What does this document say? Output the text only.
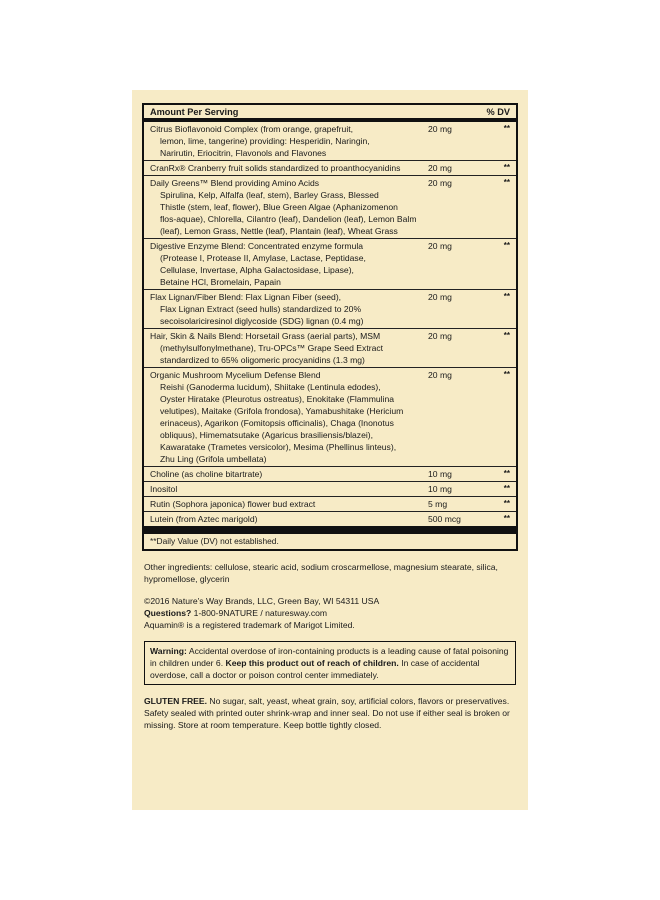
Amount Per Serving	% DV
Citrus Bioflavonoid Complex (from orange, grapefruit,
lemon, lime, tangerine) providing: Hesperidin, Naringin,
Narirutin, Eriocitrin, Flavonols and Flavones
20 mg	**
CranRx® Cranberry fruit solids standardized to proanthocyanidins	20 mg	**
Daily Greens™ Blend providing Amino Acids
Spirulina, Kelp, Alfalfa (leaf, stem), Barley Grass, Blessed
Thistle (stem, leaf, flower), Blue Green Algae (Aphanizomenon
flos-aquae), Chlorella, Cilantro (leaf), Dandelion (leaf), Lemon Balm
(leaf), Lemon Grass, Nettle (leaf), Plantain (leaf), Wheat Grass
20 mg	**
Digestive Enzyme Blend: Concentrated enzyme formula
(Protease I, Protease II, Amylase, Lactase, Peptidase,
Cellulase, Invertase, Alpha Galactosidase, Lipase),
Betaine HCl, Bromelain, Papain
20 mg	**
Flax Lignan/Fiber Blend: Flax Lignan Fiber (seed),
Flax Lignan Extract (seed hulls) standardized to 20%
secoisolariciresinol diglycoside (SDG) lignan (0.4 mg)
20 mg	**
Hair, Skin & Nails Blend: Horsetail Grass (aerial parts), MSM
(methylsulfonylmethane), Tru-OPCs™ Grape Seed Extract
standardized to 65% oligomeric procyanidins (1.3 mg)
20 mg	**
Organic Mushroom Mycelium Defense Blend
Reishi (Ganoderma lucidum), Shiitake (Lentinula edodes),
Oyster Hiratake (Pleurotus ostreatus), Enokitake (Flammulina
velutipes), Maitake (Grifola frondosa), Yamabushitake (Hericium
erinaceus), Agarikon (Fomitopsis officinalis), Chaga (Inonotus
obliquus), Himematsutake (Agaricus brasiliensis/blazei),
Kawaratake (Trametes versicolor), Mesima (Phellinus linteus),
Zhu Ling (Grifola umbellata)
20 mg	**
Choline (as choline bitartrate)	10 mg	**
Inositol	10 mg	**
Rutin (Sophora japonica) flower bud extract	5 mg	**
Lutein (from Aztec marigold)	500 mcg	**
**Daily Value (DV) not established.
Other ingredients: cellulose, stearic acid, sodium croscarmellose, magnesium stearate, silica, hypromellose, glycerin
©2016 Nature's Way Brands, LLC, Green Bay, WI 54311 USA
Questions? 1-800-9NATURE / naturesway.com
Aquamin® is a registered trademark of Marigot Limited.
Warning: Accidental overdose of iron-containing products is a leading cause of fatal poisoning in children under 6. Keep this product out of reach of children. In case of accidental overdose, call a doctor or poison control center immediately.
GLUTEN FREE. No sugar, salt, yeast, wheat grain, soy, artificial colors, flavors or preservatives. Safety sealed with printed outer shrink-wrap and inner seal. Do not use if either seal is broken or missing. Store at room temperature. Keep bottle tightly closed.
